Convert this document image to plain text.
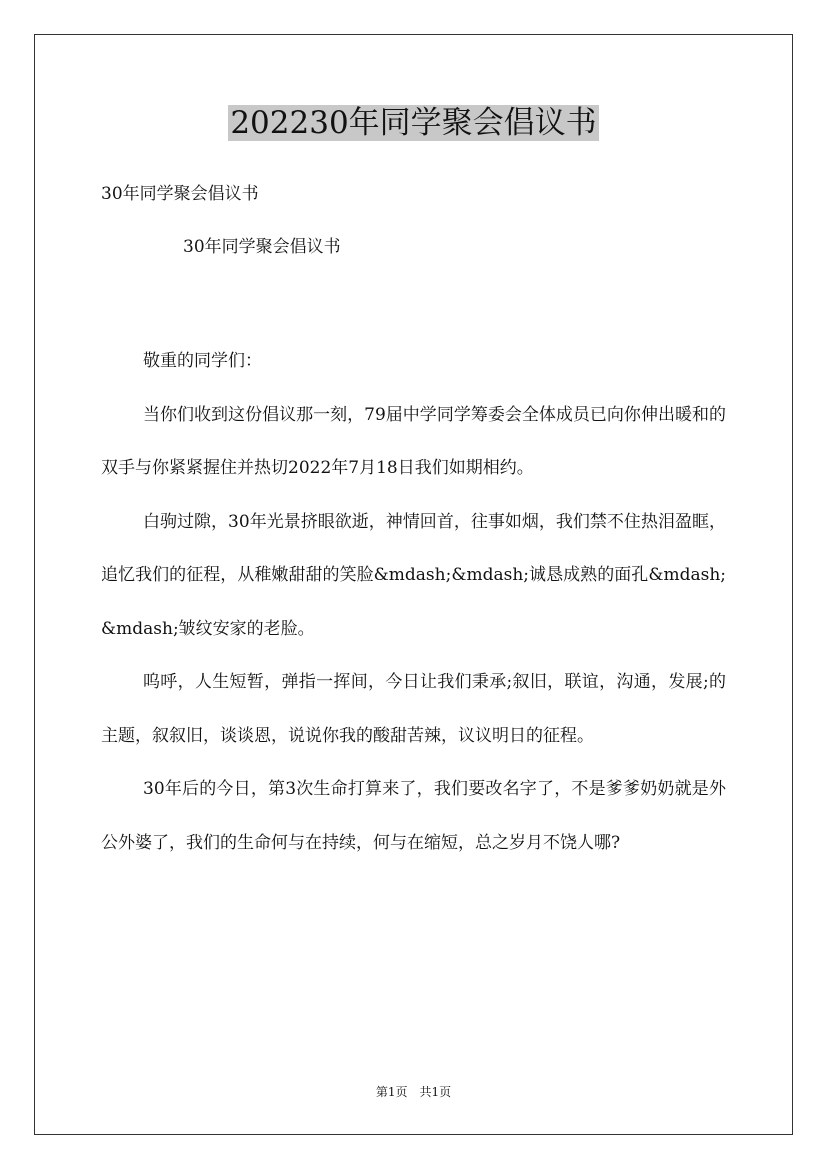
202230年同学聚会倡议书

30年同学聚会倡议书

30年同学聚会倡议书

敬重的同学们：

当你们收到这份倡议那一刻，79届中学同学筹委会全体成员已向你伸出暖和的双手与你紧紧握住并热切2022年7月18日我们如期相约。

白驹过隙，30年光景挤眼欲逝，神情回首，往事如烟，我们禁不住热泪盈眶，追忆我们的征程，从稚嫩甜甜的笑脸&mdash;&mdash;诚恳成熟的面孔&mdash;&mdash;皱纹安家的老脸。

呜呼，人生短暂，弹指一挥间，今日让我们秉承;叙旧，联谊，沟通，发展;的主题，叙叙旧，谈谈恩，说说你我的酸甜苦辣，议议明日的征程。

30年后的今日，第3次生命打算来了，我们要改名字了，不是爹爹奶奶就是外公外婆了，我们的生命何与在持续，何与在缩短，总之岁月不饶人哪?

第1页 共1页
